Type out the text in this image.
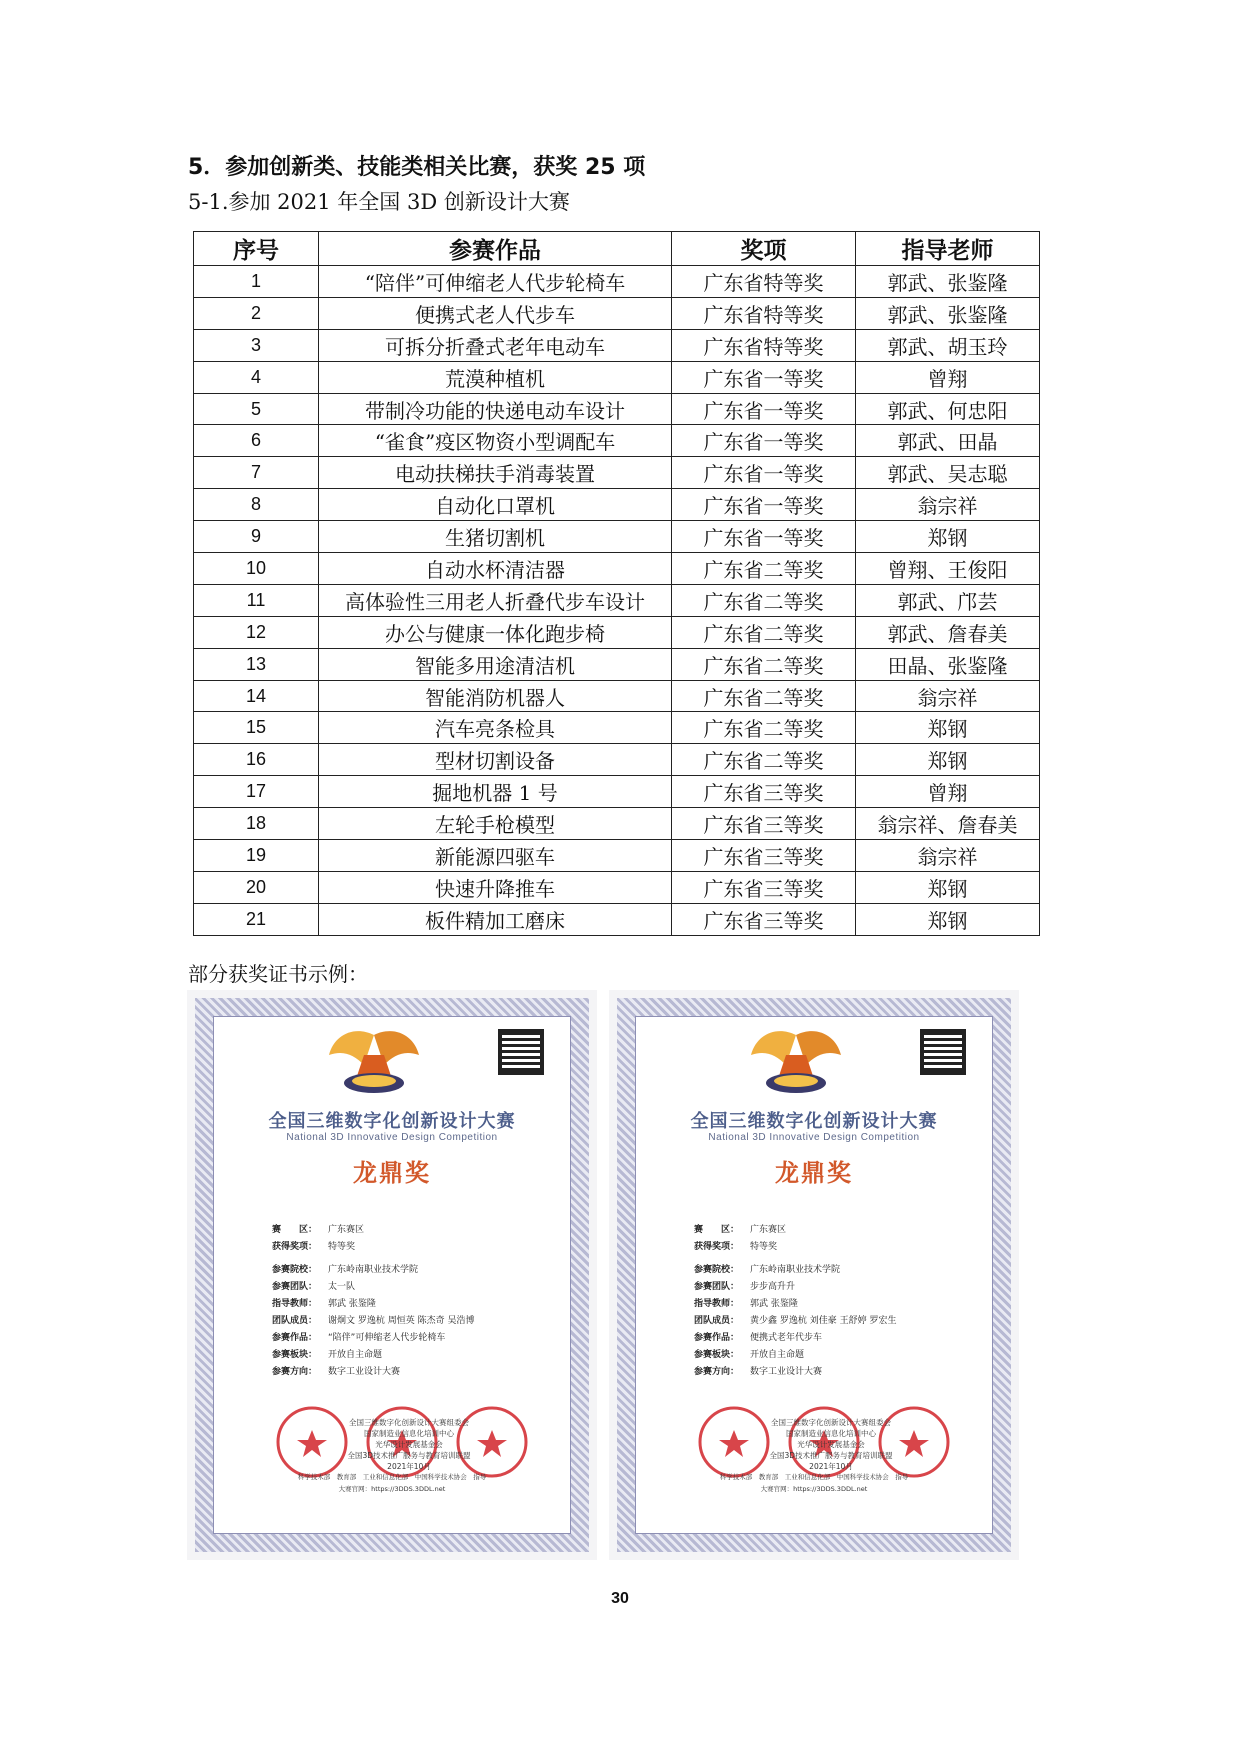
5．参加创新类、技能类相关比赛，获奖 25 项
5-1.参加 2021 年全国 3D 创新设计大赛
序号	参赛作品	奖项	指导老师
1	“陪伴”可伸缩老人代步轮椅车	广东省特等奖	郭武、张鉴隆
2	便携式老人代步车	广东省特等奖	郭武、张鉴隆
3	可拆分折叠式老年电动车	广东省特等奖	郭武、胡玉玲
4	荒漠种植机	广东省一等奖	曾翔
5	带制冷功能的快递电动车设计	广东省一等奖	郭武、何忠阳
6	“雀食”疫区物资小型调配车	广东省一等奖	郭武、田晶
7	电动扶梯扶手消毒装置	广东省一等奖	郭武、吴志聪
8	自动化口罩机	广东省一等奖	翁宗祥
9	生猪切割机	广东省一等奖	郑钢
10	自动水杯清洁器	广东省二等奖	曾翔、王俊阳
11	高体验性三用老人折叠代步车设计	广东省二等奖	郭武、邝芸
12	办公与健康一体化跑步椅	广东省二等奖	郭武、詹春美
13	智能多用途清洁机	广东省二等奖	田晶、张鉴隆
14	智能消防机器人	广东省二等奖	翁宗祥
15	汽车亮条检具	广东省二等奖	郑钢
16	型材切割设备	广东省二等奖	郑钢
17	掘地机器 1 号	广东省三等奖	曾翔
18	左轮手枪模型	广东省三等奖	翁宗祥、詹春美
19	新能源四驱车	广东省三等奖	翁宗祥
20	快速升降推车	广东省三等奖	郑钢
21	板件精加工磨床	广东省三等奖	郑钢
部分获奖证书示例：
全国三维数字化创新设计大赛
National 3D Innovative Design Competition
龙鼎奖
赛　　区： 广东赛区
获得奖项： 特等奖
参赛院校： 广东岭南职业技术学院
参赛团队： 太一队
指导教师： 郭武 张鉴隆
团队成员： 谢炯文 罗逸杭 周恒英 陈杰奇 吴浩博
参赛作品： “陪伴”可伸缩老人代步轮椅车
参赛板块： 开放自主命题
参赛方向： 数字工业设计大赛
全国三维数字化创新设计大赛组委会
国家制造业信息化培训中心
光华设计发展基金会
全国3D技术推广服务与教育培训联盟
2021年10月
科学技术部　教育部　工业和信息化部　中国科学技术协会　指导
大赛官网：https://3DDS.3DDL.net
全国三维数字化创新设计大赛
National 3D Innovative Design Competition
龙鼎奖
赛　　区： 广东赛区
获得奖项： 特等奖
参赛院校： 广东岭南职业技术学院
参赛团队： 步步高升升
指导教师： 郭武 张鉴隆
团队成员： 黄少鑫 罗逸杭 刘佳豪 王舒婷 罗宏生
参赛作品： 便携式老年代步车
参赛板块： 开放自主命题
参赛方向： 数字工业设计大赛
全国三维数字化创新设计大赛组委会
国家制造业信息化培训中心
光华设计发展基金会
全国3D技术推广服务与教育培训联盟
2021年10月
科学技术部　教育部　工业和信息化部　中国科学技术协会　指导
大赛官网：https://3DDS.3DDL.net
30
